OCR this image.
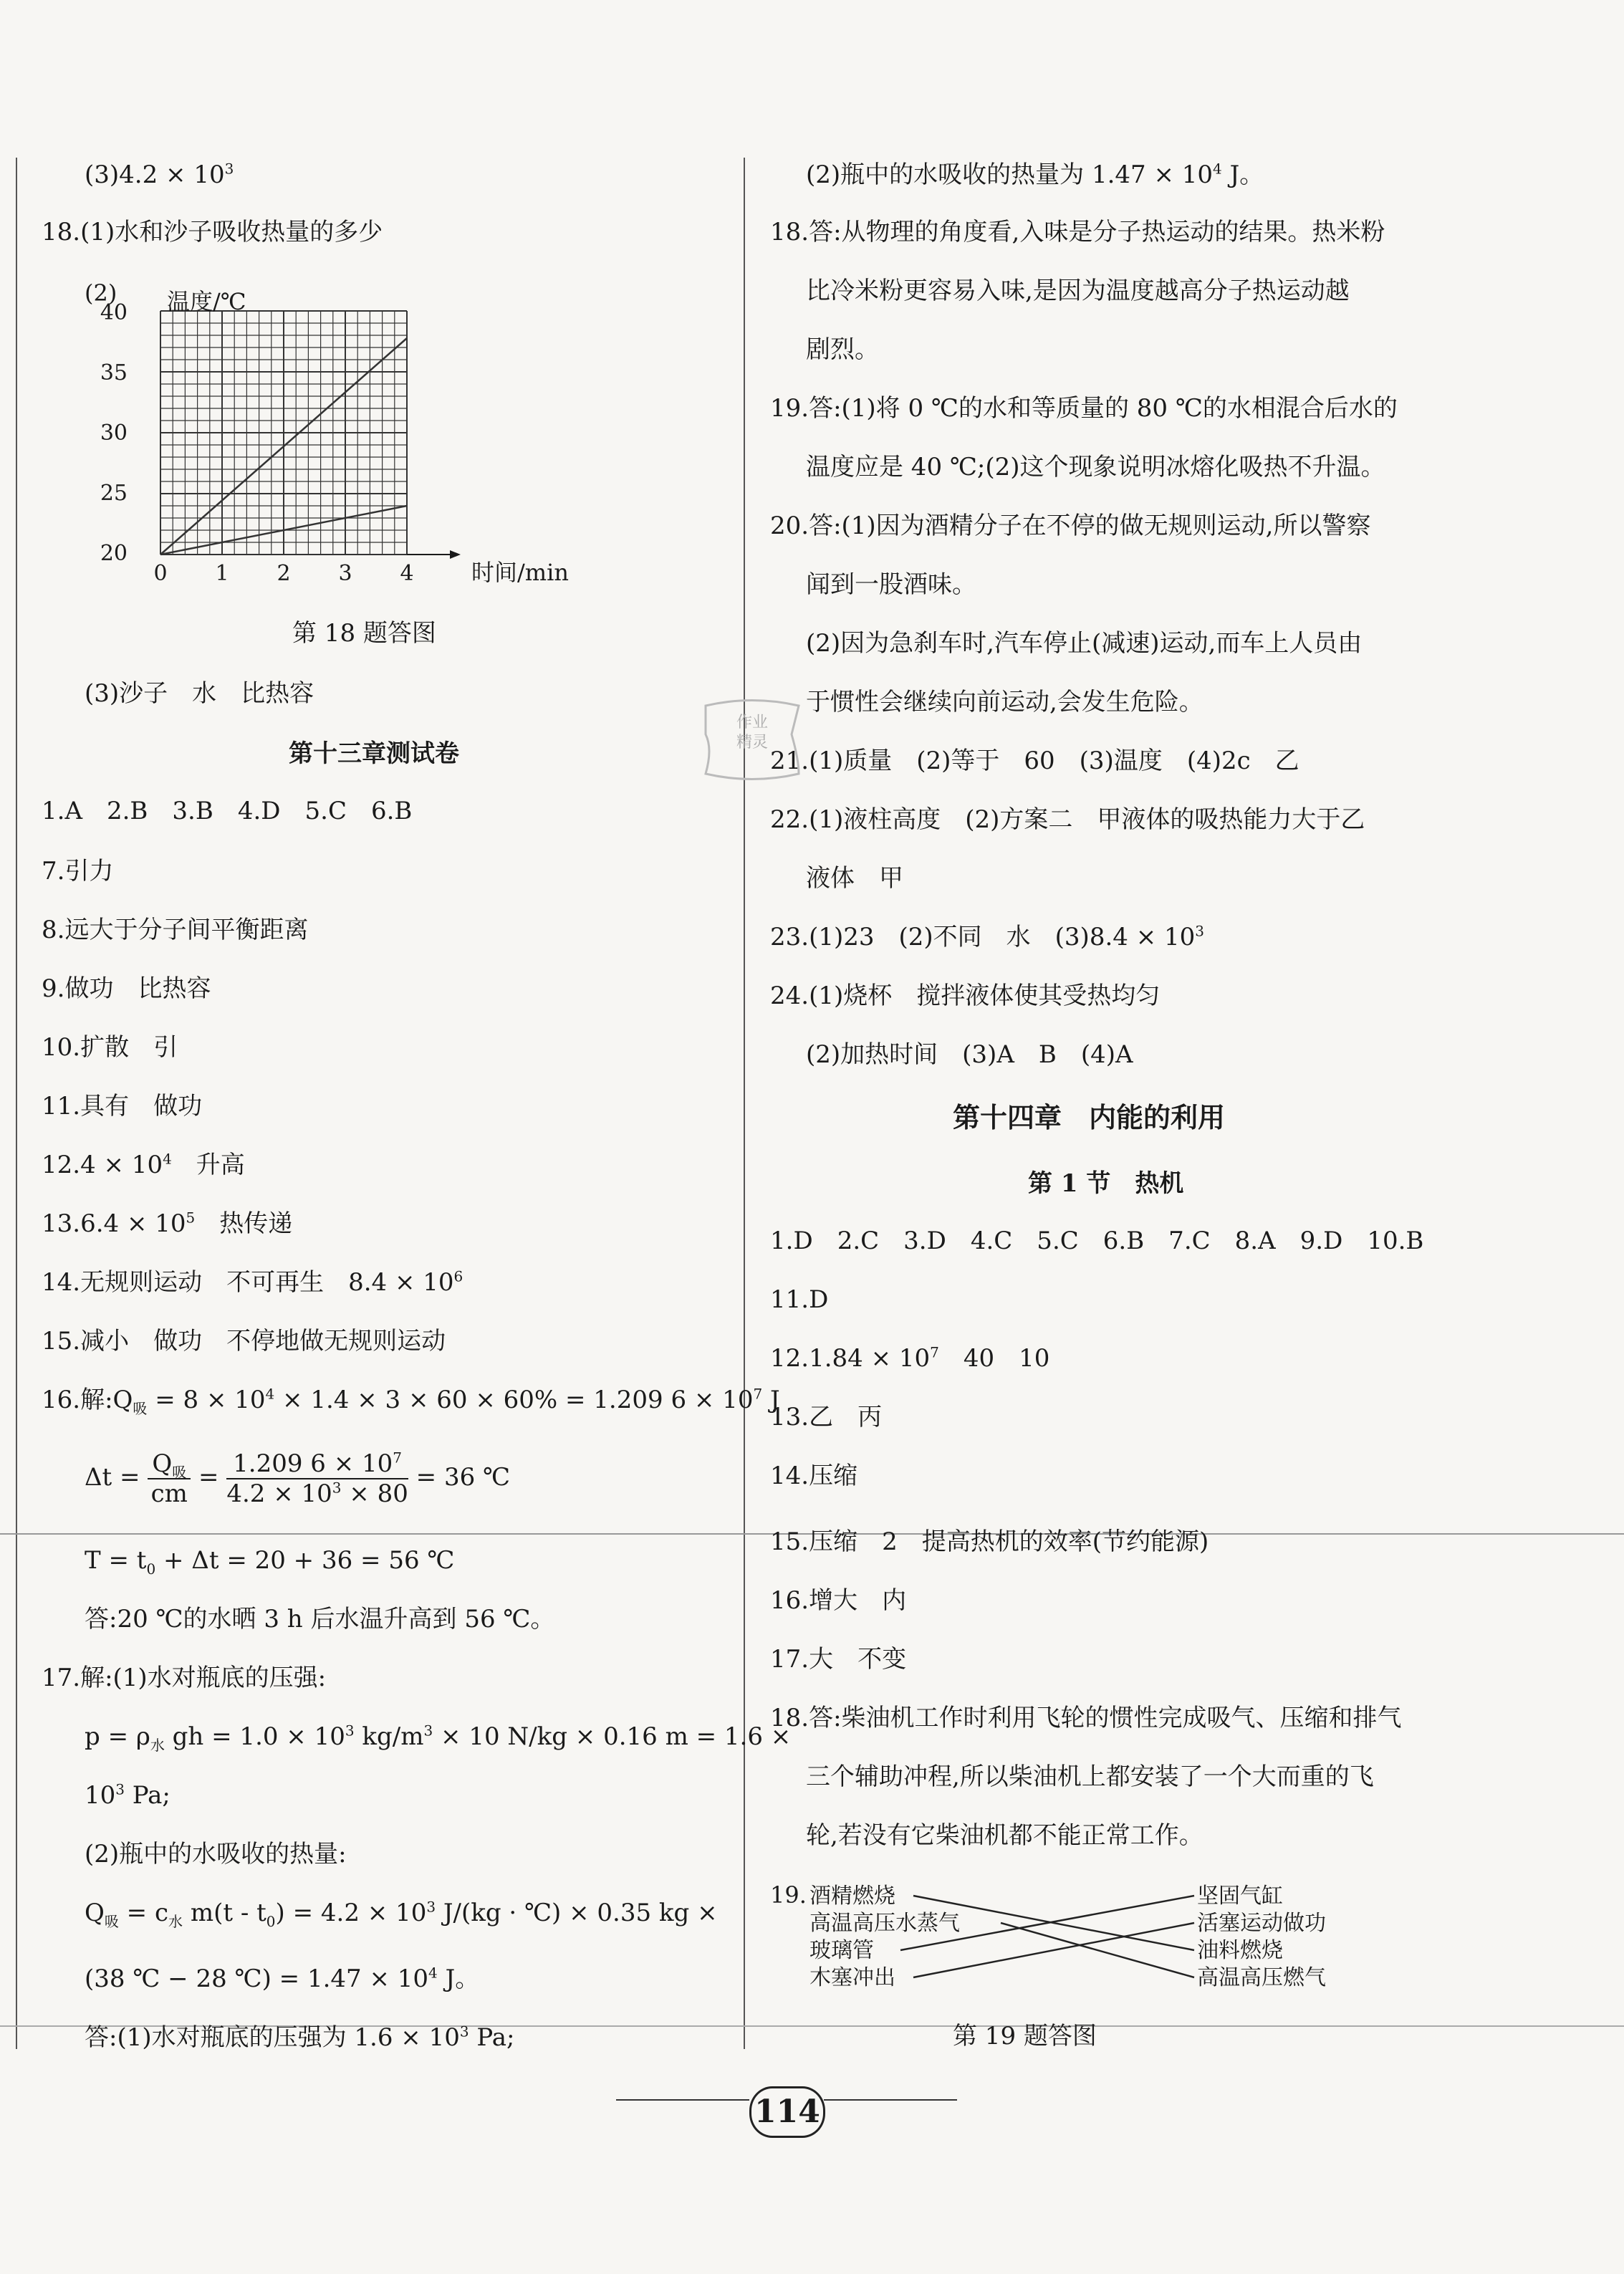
$(3)4.2 \times 10^3$
18.(1)水和沙子吸收热量的多少
(2) 温度/℃
时间/min
40
35
30
25
20
0 1 2 3 4
第 18 题答图
(3)沙子　水　比热容
第十三章测试卷
1.A　2.B　3.B　4.D　5.C　6.B
7.引力
8.远大于分子间平衡距离
9.做功　比热容
10.扩散　引
11.具有　做功
$12.4 \times 10^4$　升高
$13.6.4 \times 10^5$　热传递
14.无规则运动　不可再生　$8.4 \times 10^6$
15.减小　做功　不停地做无规则运动
16.解$:Q_吸 = 8 \times 10^4 \times 1.4 \times 3 \times 60 \times 60\% = 1.209$ $6 \times 10^7$ J
$\Delta t = \frac{Q_吸}{cm} = \frac{1.209 6 \times 10^7}{4.2 \times 10^3 \times 80} = 36$ ℃
$T = t_0 + \Delta t = 20 + 36 = 56$ ℃
答:20 ℃的水晒 3 h 后水温升高到 56 ℃。
17.解:(1)水对瓶底的压强:
$p = \rho_水$ gh = $1.0 \times 10^3$ $kg/m^3 \times 10$ N/kg × 0.16 m = 1.6 ×
$10^3$ Pa;
(2)瓶中的水吸收的热量:
$Q_吸 = c_水$ $m(t - t_0) = 4.2 \times 10^3$ J/(kg · ℃) × 0.35 kg ×
(38 ℃ − 28 ℃) = $1.47 \times 10^4$ J。
答:(1)水对瓶底的压强为 $1.6 \times 10^3$ Pa;
(2)瓶中的水吸收的热量为 $1.47 \times 10^4$ J。
18.答:从物理的角度看,入味是分子热运动的结果。热米粉
比冷米粉更容易入味,是因为温度越高分子热运动越
剧烈。
19.答:(1)将 0 ℃的水和等质量的 80 ℃的水相混合后水的
温度应是 40 ℃;(2)这个现象说明冰熔化吸热不升温。
20.答:(1)因为酒精分子在不停的做无规则运动,所以警察
闻到一股酒味。
(2)因为急刹车时,汽车停止(减速)运动,而车上人员由
于惯性会继续向前运动,会发生危险。
21.(1)质量　(2)等于　60　(3)温度　(4)2c　乙
22.(1)液柱高度　(2)方案二　甲液体的吸热能力大于乙
液体　甲
23.(1)23　(2)不同　水　$(3)8.4 \times 10^3$
24.(1)烧杯　搅拌液体使其受热均匀
(2)加热时间　(3)A　B　(4)A
第十四章　内能的利用
第 1 节　热机
1.D　2.C　3.D　4.C　5.C　6.B　7.C　8.A　9.D　10.B
11.D
$12.1.84 \times 10^7$　40　10
13.乙　丙
14.压缩
15.压缩　2　提高热机的效率(节约能源)
16.增大　内
17.大　不变
18.答:柴油机工作时利用飞轮的惯性完成吸气、压缩和排气
三个辅助冲程,所以柴油机上都安装了一个大而重的飞
轮,若没有它柴油机都不能正常工作。
19. 酒精燃烧
高温高压水蒸气
玻璃管
木塞冲出
坚固气缸
活塞运动做功
油料燃烧
高温高压燃气
第 19 题答图
作业
精灵
114
